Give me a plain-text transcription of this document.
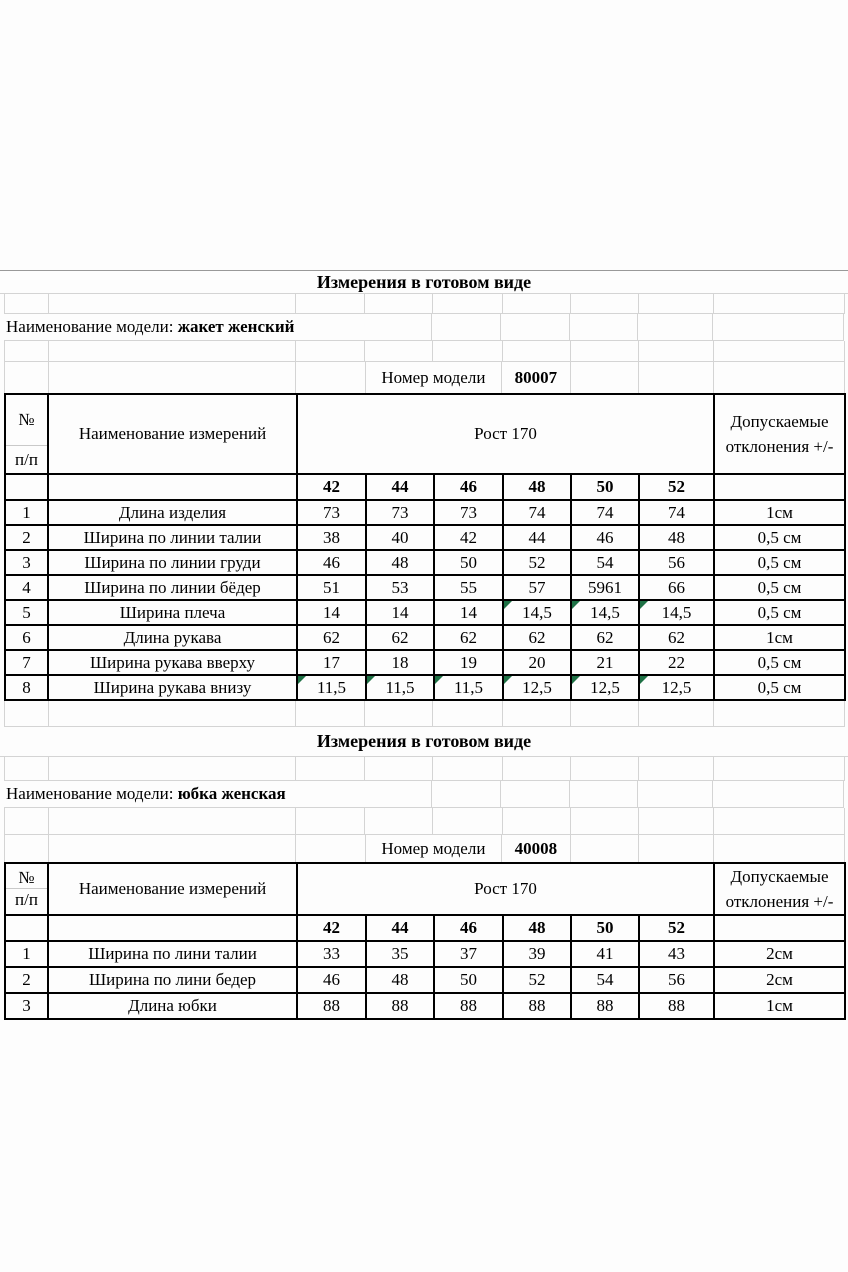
Измерения в готовом виде
Наименование модели: жакет женский
Номер модели	80007
№
п/п
	Наименование измерений	Рост 170	
Допускаемые
отклонения +/-

		42	44	46	48	50	52	
1	Длина изделия	73	73	73	74	74	74	1см
2	Ширина по линии талии	38	40	42	44	46	48	0,5 см
3	Ширина по линии груди	46	48	50	52	54	56	0,5 см
4	Ширина по линии бёдер	51	53	55	57	5961	66	0,5 см
5	Ширина плеча	14	14	14	14,5	14,5	14,5	0,5 см
6	Длина рукава	62	62	62	62	62	62	1см
7	Ширина рукава вверху	17	18	19	20	21	22	0,5 см
8	Ширина рукава внизу	11,5	11,5	11,5	12,5	12,5	12,5	0,5 см
Измерения в готовом виде
Наименование модели: юбка женская
Номер модели	40008
№
п/п
	Наименование измерений	Рост 170	
Допускаемые
отклонения +/-

		42	44	46	48	50	52	
1	Ширина по лини талии	33	35	37	39	41	43	2см
2	Ширина по лини бедер	46	48	50	52	54	56	2см
3	Длина юбки	88	88	88	88	88	88	1см
